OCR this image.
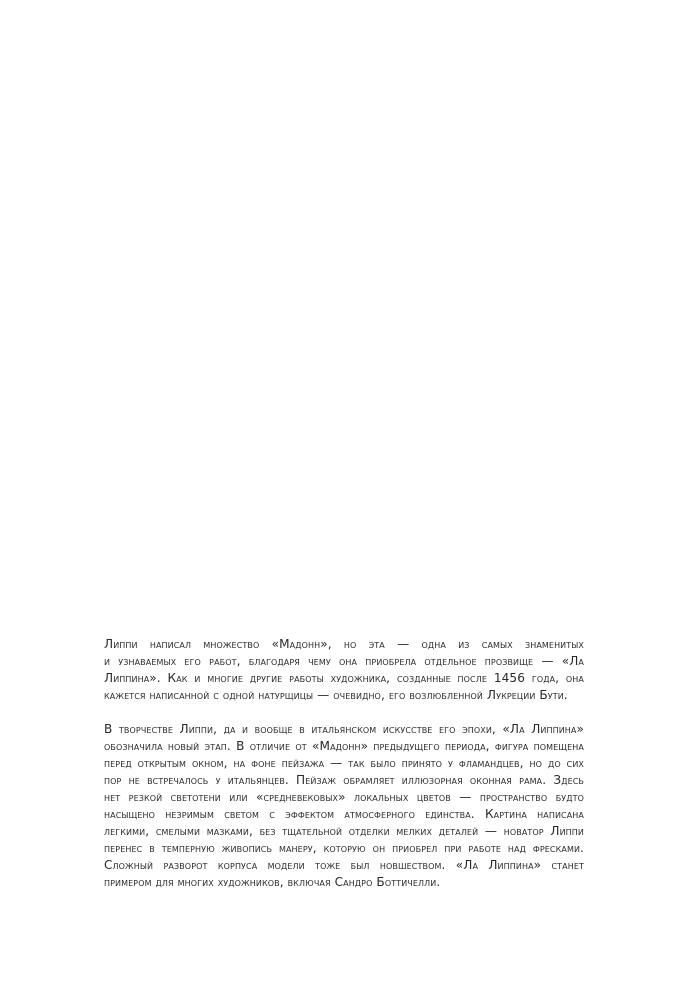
Липпи написал множество «Мадонн», но эта — одна из самых знаменитых
и узнаваемых его работ, благодаря чему она приобрела отдельное прозвище — «Ла
Липпина». Как и многие другие работы художника, созданные после 1456 года, она
кажется написанной с одной натурщицы — очевидно, его возлюбленной Лукреции Бути.

В творчестве Липпи, да и вообще в итальянском искусстве его эпохи, «Ла Липпина»
обозначила новый этап. В отличие от «Мадонн» предыдущего периода, фигура помещена
перед открытым окном, на фоне пейзажа — так было принято у фламандцев, но до сих
пор не встречалось у итальянцев. Пейзаж обрамляет иллюзорная оконная рама. Здесь
нет резкой светотени или «средневековых» локальных цветов — пространство будто
насыщено незримым светом с эффектом атмосферного единства. Картина написана
легкими, смелыми мазками, без тщательной отделки мелких деталей — новатор Липпи
перенес в темперную живопись манеру, которую он приобрел при работе над фресками.
Сложный разворот корпуса модели тоже был новшеством. «Ла Липпина» станет
примером для многих художников, включая Сандро Боттичелли.
